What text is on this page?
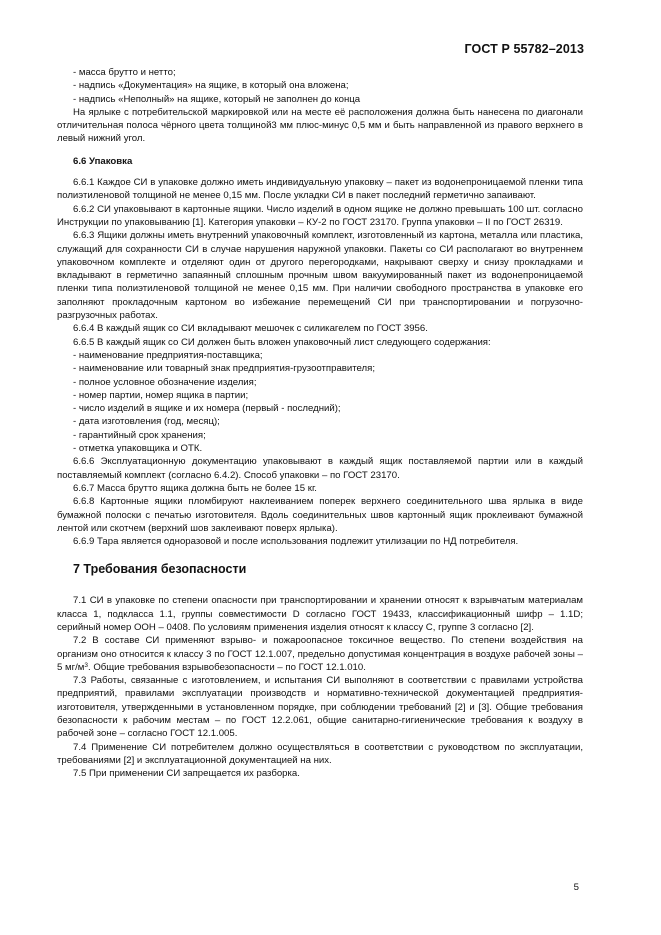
ГОСТ Р 55782–2013

- масса брутто и нетто;

- надпись «Документация» на ящике, в который она вложена;

- надпись «Неполный» на ящике, который не заполнен до конца

На ярлыке с потребительской маркировкой или на месте её расположения должна быть нанесена по диагонали отличительная полоса чёрного цвета толщиной3 мм плюс-минус 0,5 мм и быть направленной из правого верхнего в левый нижний угол.

6.6 Упаковка

6.6.1 Каждое СИ в упаковке должно иметь индивидуальную упаковку – пакет из водонепроницаемой пленки типа полиэтиленовой толщиной не менее 0,15 мм. После укладки СИ в пакет последний герметично запаивают.

6.6.2 СИ упаковывают в картонные ящики. Число изделий в одном ящике не должно превышать 100 шт. согласно Инструкции по упаковыванию [1]. Категория упаковки – КУ-2 по ГОСТ 23170. Группа упаковки – II по ГОСТ 26319.

6.6.3 Ящики должны иметь внутренний упаковочный комплект, изготовленный из картона, металла или пластика, служащий для сохранности СИ в случае нарушения наружной упаковки. Пакеты со СИ располагают во внутреннем упаковочном комплекте и отделяют один от другого перегородками, накрывают сверху и снизу прокладками и вкладывают в герметично запаянный сплошным прочным швом вакуумированный пакет из водонепроницаемой пленки типа полиэтиленовой толщиной не менее 0,15 мм. При наличии свободного пространства в упаковке его заполняют прокладочным картоном во избежание перемещений СИ при транспортировании и погрузочно-разгрузочных работах.

6.6.4 В каждый ящик со СИ вкладывают мешочек с силикагелем по ГОСТ 3956.

6.6.5 В каждый ящик со СИ должен быть вложен упаковочный лист следующего содержания:

- наименование предприятия-поставщика;

- наименование или товарный знак предприятия-грузоотправителя;

- полное условное обозначение изделия;

- номер партии, номер ящика в партии;

- число изделий в ящике и их номера (первый - последний);

- дата изготовления (год, месяц);

- гарантийный срок хранения;

- отметка упаковщика и ОТК.

6.6.6 Эксплуатационную документацию упаковывают в каждый ящик поставляемой партии или в каждый поставляемый комплект (согласно 6.4.2). Способ упаковки – по ГОСТ 23170.

6.6.7 Масса брутто ящика должна быть не более 15 кг.

6.6.8 Картонные ящики пломбируют наклеиванием поперек верхнего соединительного шва ярлыка в виде бумажной полоски с печатью изготовителя. Вдоль соединительных швов картонный ящик проклеивают бумажной лентой или скотчем (верхний шов заклеивают поверх ярлыка).

6.6.9 Тара является одноразовой и после использования подлежит утилизации по НД потребителя.

7 Требования безопасности

7.1 СИ в упаковке по степени опасности при транспортировании и хранении относят к взрывчатым материалам класса 1, подкласса 1.1, группы совместимости D согласно ГОСТ 19433, классификационный шифр – 1.1D; серийный номер ООН – 0408. По условиям применения изделия относят к классу С, группе 3 согласно [2].

7.2 В составе СИ применяют взрыво- и пожароопасное токсичное вещество. По степени воздействия на организм оно относится к классу 3 по ГОСТ 12.1.007, предельно допустимая концентрация в воздухе рабочей зоны – 5 $мг/м^3$. Общие требования взрывобезопасности – по ГОСТ 12.1.010.

7.3 Работы, связанные с изготовлением, и испытания СИ выполняют в соответствии с правилами устройства предприятий, правилами эксплуатации производств и нормативно-технической документацией предприятия-изготовителя, утвержденными в установленном порядке, при соблюдении требований [2] и [3]. Общие требования безопасности к рабочим местам – по ГОСТ 12.2.061, общие санитарно-гигиенические требования к воздуху в рабочей зоне – согласно ГОСТ 12.1.005.

7.4 Применение СИ потребителем должно осуществляться в соответствии с руководством по эксплуатации, требованиями [2] и эксплуатационной документацией на них.

7.5 При применении СИ запрещается их разборка.

5
